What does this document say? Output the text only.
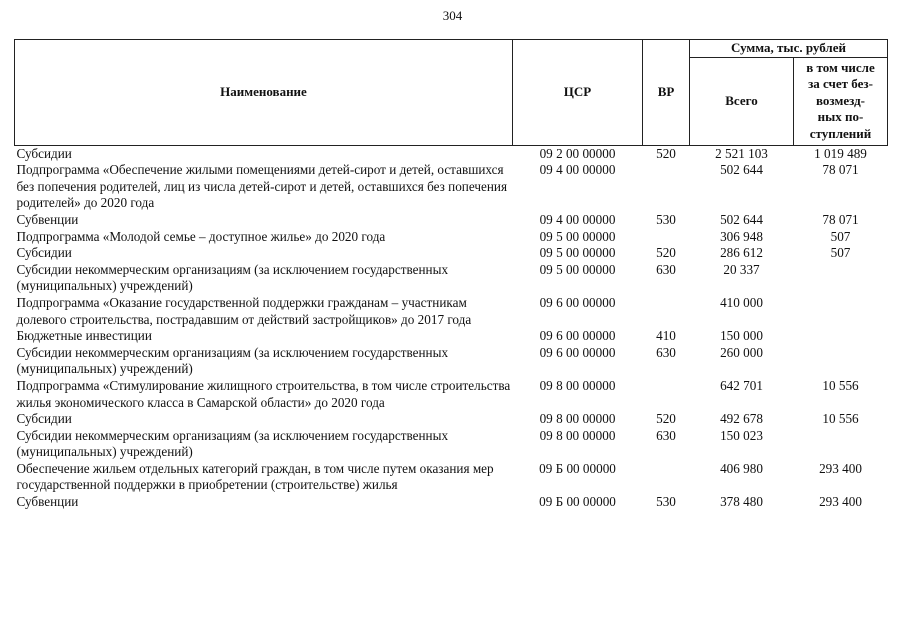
304
Наименование	ЦСР	ВР	Сумма, тыс. рублей	
			Всего	в том числе
за счет без-
возмезд-
ных по-
ступлений
Субсидии	09 2 00 00000	520	2 521 103	1 019 489
Подпрограмма «Обеспечение жилыми помещениями детей-сирот и детей, оставшихся без попечения родителей, лиц из числа детей-сирот и детей, оставшихся без попечения родителей» до 2020 года	09 4 00 00000		502 644	78 071
Субвенции	09 4 00 00000	530	502 644	78 071
Подпрограмма «Молодой семье – доступное жилье» до 2020 года	09 5 00 00000		306 948	507
Субсидии	09 5 00 00000	520	286 612	507
Субсидии некоммерческим организациям (за исключением государственных (муниципальных) учреждений)	09 5 00 00000	630	20 337	
Подпрограмма «Оказание государственной поддержки гражданам – участникам долевого строительства, пострадавшим от действий застройщиков» до 2017 года	09 6 00 00000		410 000	
Бюджетные инвестиции	09 6 00 00000	410	150 000	
Субсидии некоммерческим организациям (за исключением государственных (муниципальных) учреждений)	09 6 00 00000	630	260 000	
Подпрограмма «Стимулирование жилищного строительства, в том числе строительства жилья экономического класса в Самарской области» до 2020 года	09 8 00 00000		642 701	10 556
Субсидии	09 8 00 00000	520	492 678	10 556
Субсидии некоммерческим организациям (за исключением государственных (муниципальных) учреждений)	09 8 00 00000	630	150 023	
Обеспечение жильем отдельных категорий граждан, в том числе путем оказания мер государственной поддержки в приобретении (строительстве) жилья	09 Б 00 00000		406 980	293 400
Субвенции	09 Б 00 00000	530	378 480	293 400
